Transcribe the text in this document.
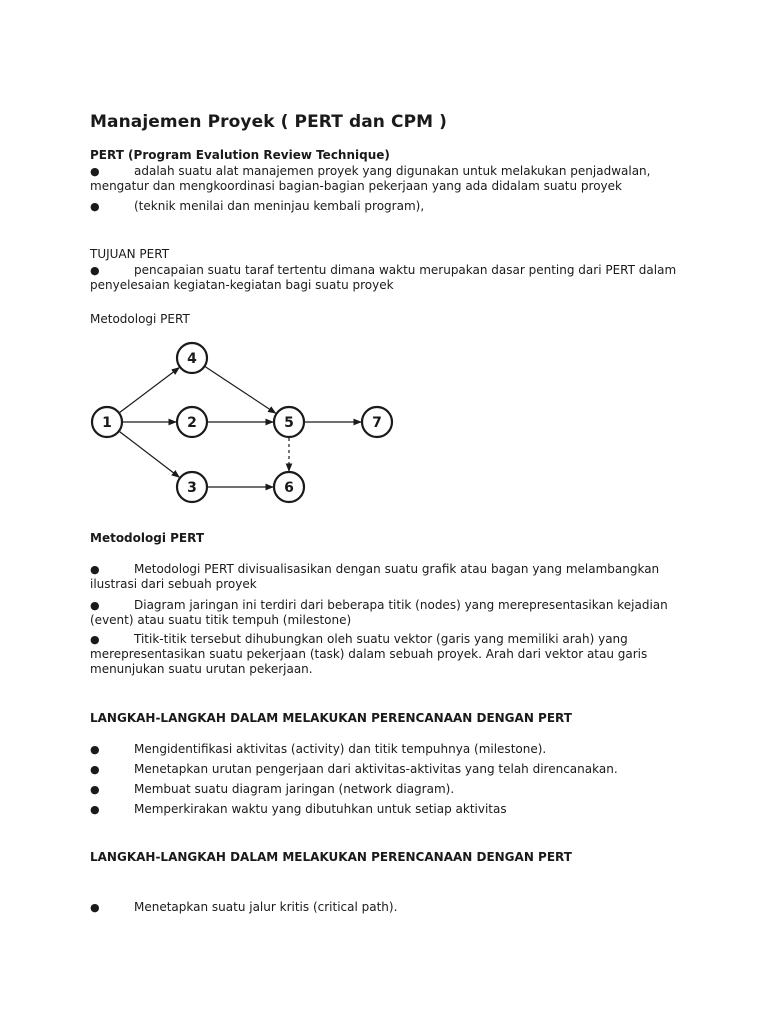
Manajemen Proyek ( PERT dan CPM )
PERT (Program Evalution Review Technique)
●	adalah suatu alat manajemen proyek yang digunakan untuk melakukan penjadwalan, mengatur dan mengkoordinasi bagian-bagian pekerjaan yang ada didalam suatu proyek
●	(teknik menilai dan meninjau kembali program),
TUJUAN PERT
●	pencapaian suatu taraf tertentu dimana waktu merupakan dasar penting dari PERT dalam penyelesaian kegiatan-kegiatan bagi suatu proyek
Metodologi PERT
1	2
3
4
5
6
7
Metodologi PERT
●	Metodologi PERT divisualisasikan dengan suatu grafik atau bagan yang melambangkan ilustrasi dari sebuah proyek
●	Diagram jaringan ini terdiri dari beberapa titik (nodes) yang merepresentasikan kejadian (event) atau suatu titik tempuh (milestone)
●	Titik-titik tersebut dihubungkan oleh suatu vektor (garis yang memiliki arah) yang merepresentasikan suatu pekerjaan (task) dalam sebuah proyek. Arah dari vektor atau garis menunjukan suatu urutan pekerjaan.
LANGKAH-LANGKAH DALAM MELAKUKAN PERENCANAAN DENGAN PERT
●	Mengidentifikasi aktivitas (activity) dan titik tempuhnya (milestone).
●	Menetapkan urutan pengerjaan dari aktivitas-aktivitas yang telah direncanakan.
●	Membuat suatu diagram jaringan (network diagram).
●	Memperkirakan waktu yang dibutuhkan untuk setiap aktivitas
LANGKAH-LANGKAH DALAM MELAKUKAN PERENCANAAN DENGAN PERT
●	Menetapkan suatu jalur kritis (critical path).
